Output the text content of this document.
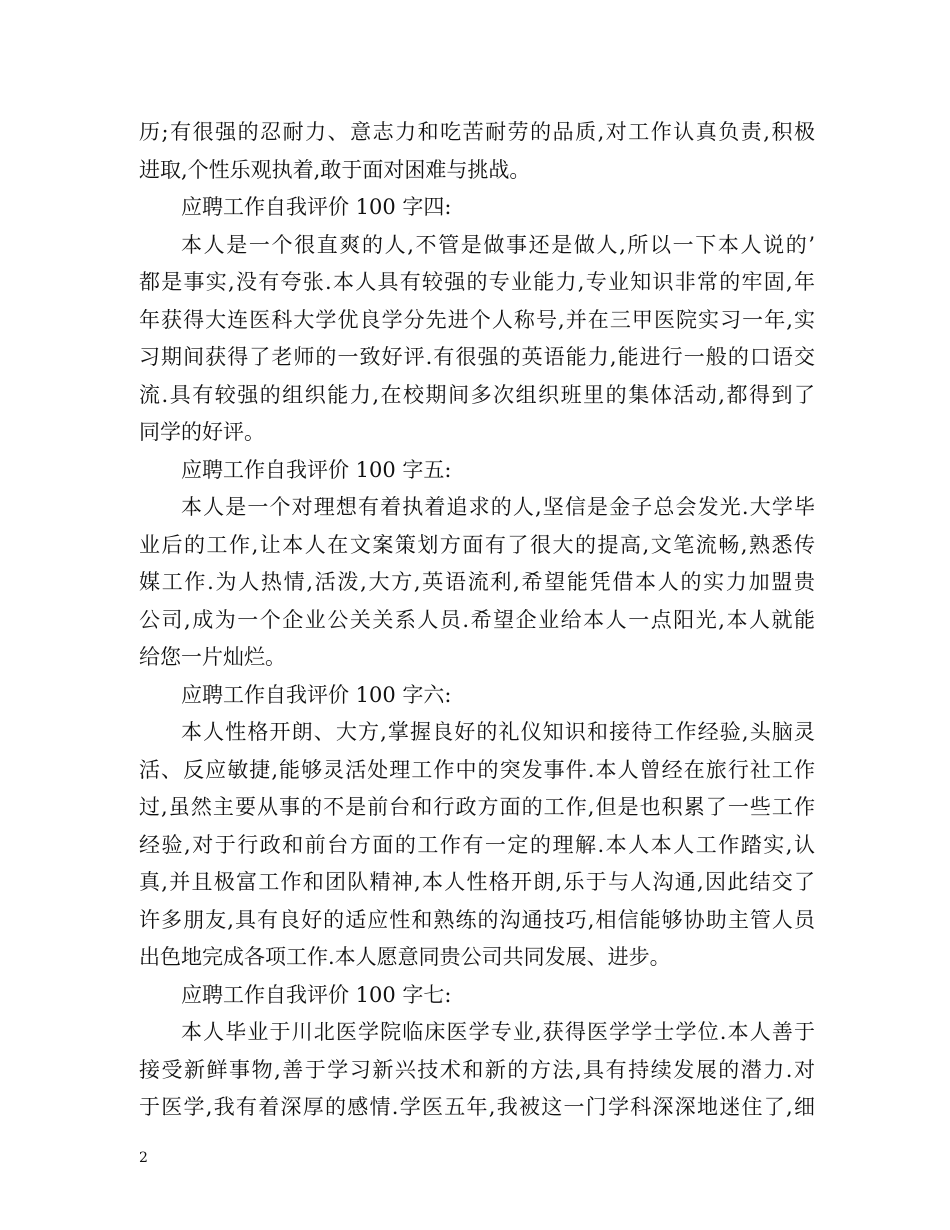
历;有很强的忍耐力、意志力和吃苦耐劳的品质,对工作认真负责,积极
进取,个性乐观执着,敢于面对困难与挑战。
应聘工作自我评价 100 字四:
本人是一个很直爽的人,不管是做事还是做人,所以一下本人说的’
都是事实,没有夸张.本人具有较强的专业能力,专业知识非常的牢固,年
年获得大连医科大学优良学分先进个人称号,并在三甲医院实习一年,实
习期间获得了老师的一致好评.有很强的英语能力,能进行一般的口语交
流.具有较强的组织能力,在校期间多次组织班里的集体活动,都得到了
同学的好评。
应聘工作自我评价 100 字五:
本人是一个对理想有着执着追求的人,坚信是金子总会发光.大学毕
业后的工作,让本人在文案策划方面有了很大的提高,文笔流畅,熟悉传
媒工作.为人热情,活泼,大方,英语流利,希望能凭借本人的实力加盟贵
公司,成为一个企业公关关系人员.希望企业给本人一点阳光,本人就能
给您一片灿烂。
应聘工作自我评价 100 字六:
本人性格开朗、大方,掌握良好的礼仪知识和接待工作经验,头脑灵
活、反应敏捷,能够灵活处理工作中的突发事件.本人曾经在旅行社工作
过,虽然主要从事的不是前台和行政方面的工作,但是也积累了一些工作
经验,对于行政和前台方面的工作有一定的理解.本人本人工作踏实,认
真,并且极富工作和团队精神,本人性格开朗,乐于与人沟通,因此结交了
许多朋友,具有良好的适应性和熟练的沟通技巧,相信能够协助主管人员
出色地完成各项工作.本人愿意同贵公司共同发展、进步。
应聘工作自我评价 100 字七:
本人毕业于川北医学院临床医学专业,获得医学学士学位.本人善于
接受新鲜事物,善于学习新兴技术和新的方法,具有持续发展的潜力.对
于医学,我有着深厚的感情.学医五年,我被这一门学科深深地迷住了,细
2
